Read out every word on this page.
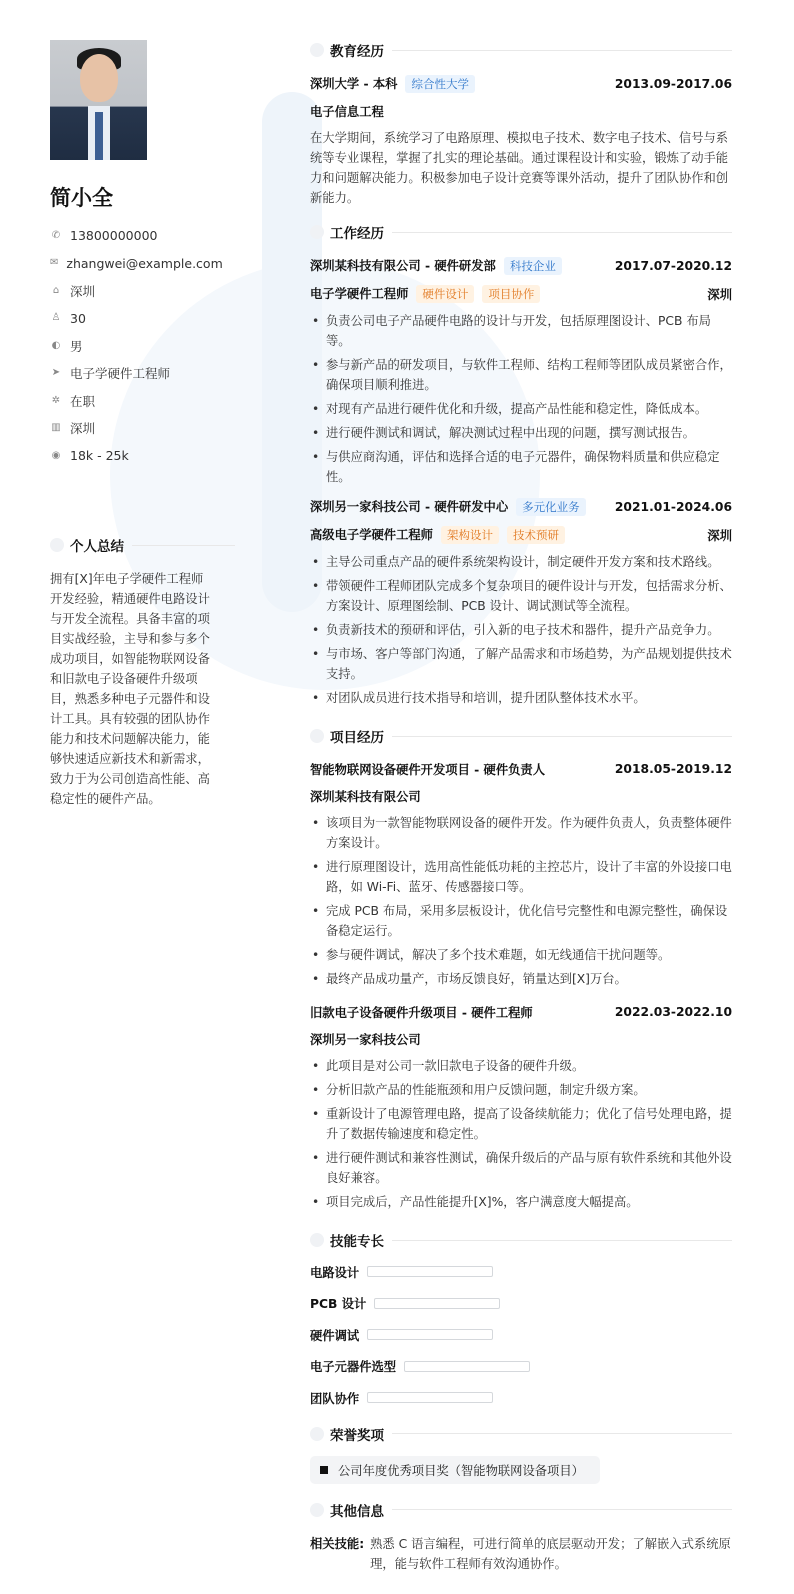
简小全
✆ 13800000000
✉ zhangwei@example.com
⌂ 深圳
♙ 30
◐ 男
➤ 电子学硬件工程师
✲ 在职
▥ 深圳
◉ 18k - 25k
个人总结
拥有[X]年电子学硬件工程师开发经验，精通硬件电路设计与开发全流程。具备丰富的项目实战经验，主导和参与多个成功项目，如智能物联网设备和旧款电子设备硬件升级项目，熟悉多种电子元器件和设计工具。具有较强的团队协作能力和技术问题解决能力，能够快速适应新技术和新需求，致力于为公司创造高性能、高稳定性的硬件产品。
教育经历
深圳大学 - 本科 综合性大学	2013.09-2017.06
电子信息工程
在大学期间，系统学习了电路原理、模拟电子技术、数字电子技术、信号与系统等专业课程，掌握了扎实的理论基础。通过课程设计和实验，锻炼了动手能力和问题解决能力。积极参加电子设计竞赛等课外活动，提升了团队协作和创新能力。
工作经历
深圳某科技有限公司 - 硬件研发部 科技企业	2017.07-2020.12
电子学硬件工程师 硬件设计 项目协作	深圳
• 负责公司电子产品硬件电路的设计与开发，包括原理图设计、PCB 布局等。
• 参与新产品的研发项目，与软件工程师、结构工程师等团队成员紧密合作，确保项目顺利推进。
• 对现有产品进行硬件优化和升级，提高产品性能和稳定性，降低成本。
• 进行硬件测试和调试，解决测试过程中出现的问题，撰写测试报告。
• 与供应商沟通，评估和选择合适的电子元器件，确保物料质量和供应稳定性。
深圳另一家科技公司 - 硬件研发中心 多元化业务	2021.01-2024.06
高级电子学硬件工程师 架构设计 技术预研	深圳
• 主导公司重点产品的硬件系统架构设计，制定硬件开发方案和技术路线。
• 带领硬件工程师团队完成多个复杂项目的硬件设计与开发，包括需求分析、方案设计、原理图绘制、PCB 设计、调试测试等全流程。
• 负责新技术的预研和评估，引入新的电子技术和器件，提升产品竞争力。
• 与市场、客户等部门沟通，了解产品需求和市场趋势，为产品规划提供技术支持。
• 对团队成员进行技术指导和培训，提升团队整体技术水平。
项目经历
智能物联网设备硬件开发项目 - 硬件负责人	2018.05-2019.12
深圳某科技有限公司
• 该项目为一款智能物联网设备的硬件开发。作为硬件负责人，负责整体硬件方案设计。
• 进行原理图设计，选用高性能低功耗的主控芯片，设计了丰富的外设接口电路，如 Wi-Fi、蓝牙、传感器接口等。
• 完成 PCB 布局，采用多层板设计，优化信号完整性和电源完整性，确保设备稳定运行。
• 参与硬件调试，解决了多个技术难题，如无线通信干扰问题等。
• 最终产品成功量产，市场反馈良好，销量达到[X]万台。
旧款电子设备硬件升级项目 - 硬件工程师	2022.03-2022.10
深圳另一家科技公司
• 此项目是对公司一款旧款电子设备的硬件升级。
• 分析旧款产品的性能瓶颈和用户反馈问题，制定升级方案。
• 重新设计了电源管理电路，提高了设备续航能力；优化了信号处理电路，提升了数据传输速度和稳定性。
• 进行硬件测试和兼容性测试，确保升级后的产品与原有软件系统和其他外设良好兼容。
• 项目完成后，产品性能提升[X]%，客户满意度大幅提高。
技能专长
电路设计
PCB 设计
硬件调试
电子元器件选型
团队协作
荣誉奖项
公司年度优秀项目奖（智能物联网设备项目）
其他信息
相关技能: 熟悉 C 语言编程，可进行简单的底层驱动开发；了解嵌入式系统原理，能与软件工程师有效沟通协作。
